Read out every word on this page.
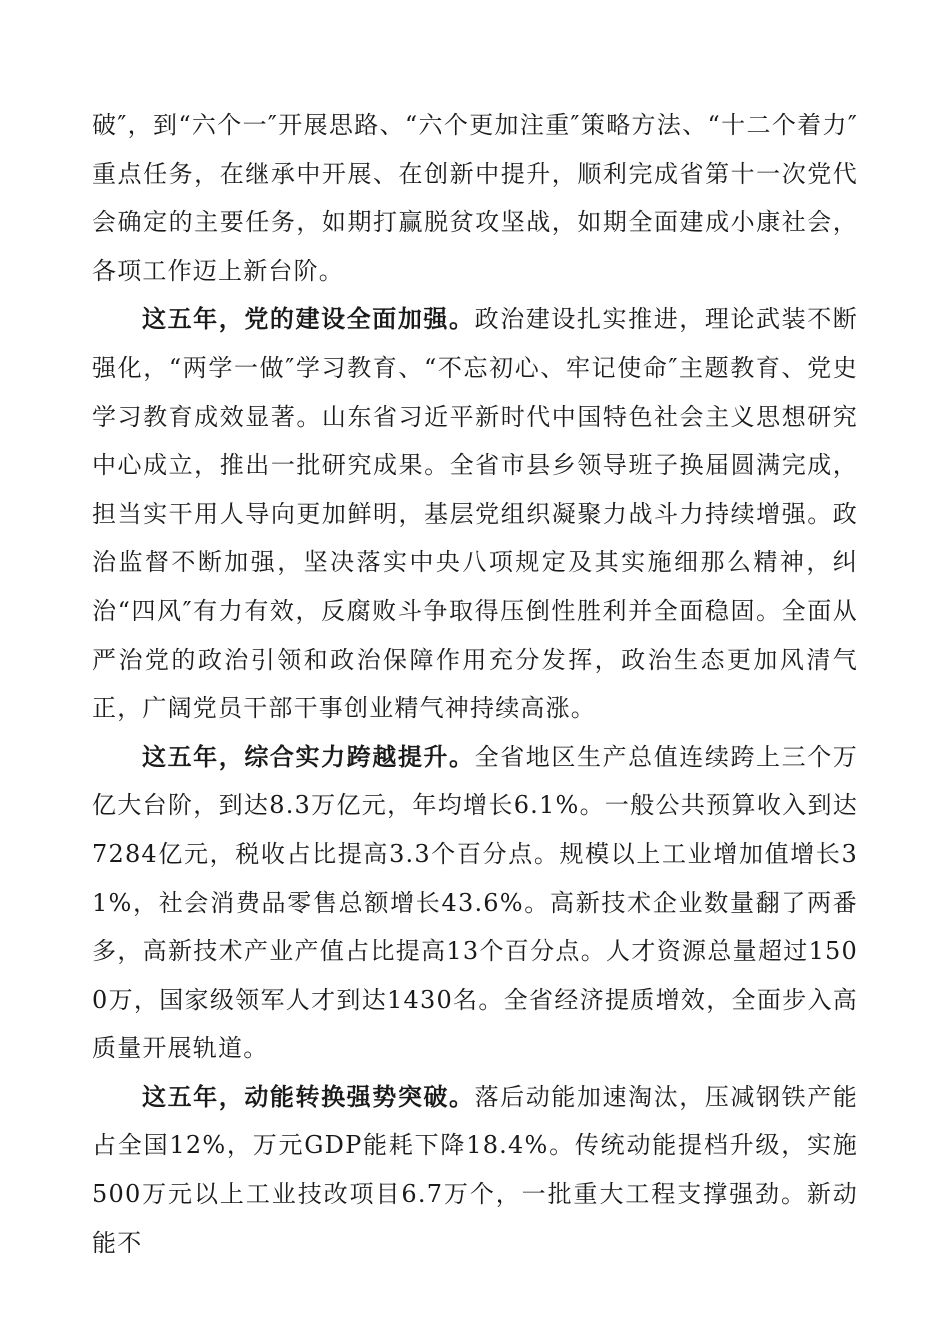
破″，到“六个一″开展思路、“六个更加注重″策略方法、“十二个着力″重点任务，在继承中开展、在创新中提升，顺利完成省第十一次党代会确定的主要任务，如期打赢脱贫攻坚战，如期全面建成小康社会，各项工作迈上新台阶。

这五年，党的建设全面加强。政治建设扎实推进，理论武装不断强化，“两学一做″学习教育、“不忘初心、牢记使命″主题教育、党史学习教育成效显著。山东省习近平新时代中国特色社会主义思想研究中心成立，推出一批研究成果。全省市县乡领导班子换届圆满完成，担当实干用人导向更加鲜明，基层党组织凝聚力战斗力持续增强。政治监督不断加强，坚决落实中央八项规定及其实施细那么精神，纠治“四风″有力有效，反腐败斗争取得压倒性胜利并全面稳固。全面从严治党的政治引领和政治保障作用充分发挥，政治生态更加风清气正，广阔党员干部干事创业精气神持续高涨。

这五年，综合实力跨越提升。全省地区生产总值连续跨上三个万亿大台阶，到达8.3万亿元，年均增长6.1%。一般公共预算收入到达7284亿元，税收占比提高3.3个百分点。规模以上工业增加值增长31%，社会消费品零售总额增长43.6%。高新技术企业数量翻了两番多，高新技术产业产值占比提高13个百分点。人才资源总量超过1500万，国家级领军人才到达1430名。全省经济提质增效，全面步入高质量开展轨道。

这五年，动能转换强势突破。落后动能加速淘汰，压减钢铁产能占全国12%，万元GDP能耗下降18.4%。传统动能提档升级，实施500万元以上工业技改项目6.7万个，一批重大工程支撑强劲。新动能不
